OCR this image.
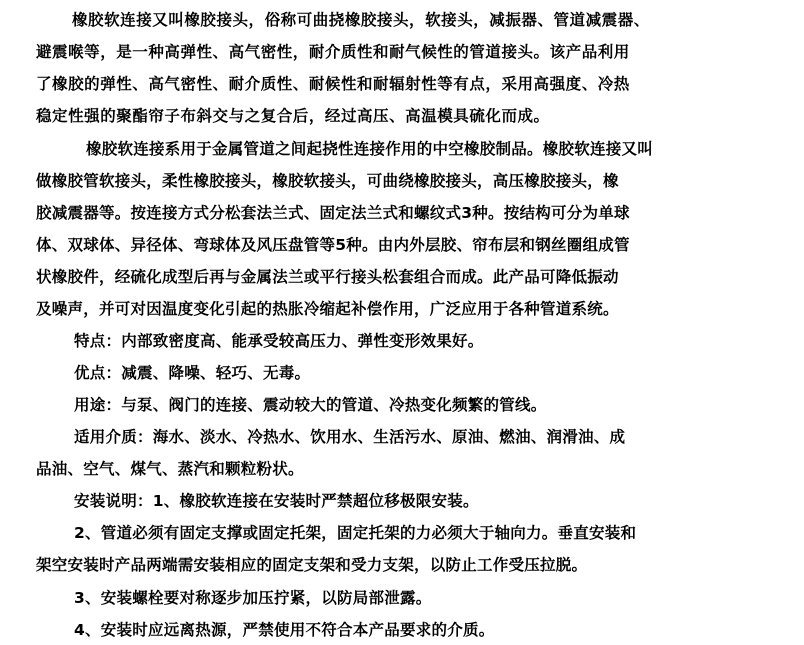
橡胶软连接又叫橡胶接头，俗称可曲挠橡胶接头，软接头，减振器、管道减震器、
避震喉等，是一种高弹性、高气密性，耐介质性和耐气候性的管道接头。该产品利用
了橡胶的弹性、高气密性、耐介质性、耐候性和耐辐射性等有点，采用高强度、冷热
稳定性强的聚酯帘子布斜交与之复合后，经过高压、高温模具硫化而成。
橡胶软连接系用于金属管道之间起挠性连接作用的中空橡胶制品。橡胶软连接又叫
做橡胶管软接头，柔性橡胶接头，橡胶软接头，可曲绕橡胶接头，高压橡胶接头，橡
胶减震器等。按连接方式分松套法兰式、固定法兰式和螺纹式3种。按结构可分为单球
体、双球体、异径体、弯球体及风压盘管等5种。由内外层胶、帘布层和钢丝圈组成管
状橡胶件，经硫化成型后再与金属法兰或平行接头松套组合而成。此产品可降低振动
及噪声，并可对因温度变化引起的热胀冷缩起补偿作用，广泛应用于各种管道系统。
特点：内部致密度高、能承受较高压力、弹性变形效果好。
优点：减震、降噪、轻巧、无毒。
用途：与泵、阀门的连接、震动较大的管道、冷热变化频繁的管线。
适用介质：海水、淡水、冷热水、饮用水、生活污水、原油、燃油、润滑油、成
品油、空气、煤气、蒸汽和颗粒粉状。
安装说明：1、橡胶软连接在安装时严禁超位移极限安装。
2、管道必须有固定支撑或固定托架，固定托架的力必须大于轴向力。垂直安装和
架空安装时产品两端需安装相应的固定支架和受力支架，以防止工作受压拉脱。
3、安装螺栓要对称逐步加压拧紧，以防局部泄露。
4、安装时应远离热源，严禁使用不符合本产品要求的介质。
